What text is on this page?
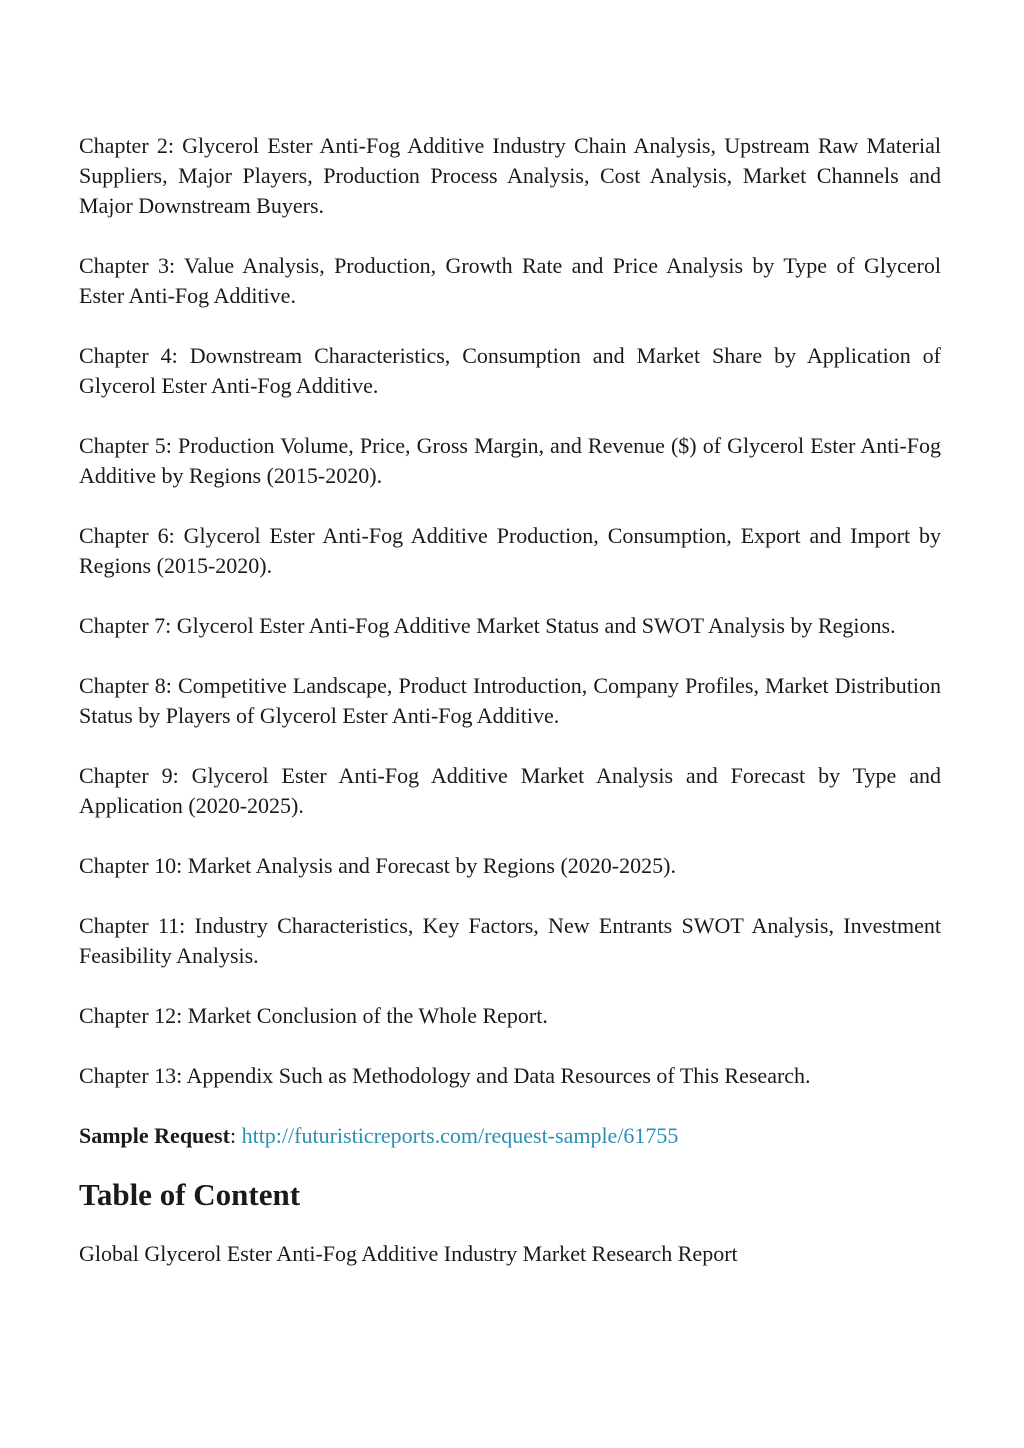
Chapter 2: Glycerol Ester Anti-Fog Additive Industry Chain Analysis, Upstream Raw Material Suppliers, Major Players, Production Process Analysis, Cost Analysis, Market Channels and Major Downstream Buyers.

Chapter 3: Value Analysis, Production, Growth Rate and Price Analysis by Type of Glycerol Ester Anti-Fog Additive.

Chapter 4: Downstream Characteristics, Consumption and Market Share by Application of Glycerol Ester Anti-Fog Additive.

Chapter 5: Production Volume, Price, Gross Margin, and Revenue ($) of Glycerol Ester Anti-Fog Additive by Regions (2015-2020).

Chapter 6: Glycerol Ester Anti-Fog Additive Production, Consumption, Export and Import by Regions (2015-2020).

Chapter 7: Glycerol Ester Anti-Fog Additive Market Status and SWOT Analysis by Regions.

Chapter 8: Competitive Landscape, Product Introduction, Company Profiles, Market Distribution Status by Players of Glycerol Ester Anti-Fog Additive.

Chapter 9: Glycerol Ester Anti-Fog Additive Market Analysis and Forecast by Type and Application (2020-2025).

Chapter 10: Market Analysis and Forecast by Regions (2020-2025).

Chapter 11: Industry Characteristics, Key Factors, New Entrants SWOT Analysis, Investment Feasibility Analysis.

Chapter 12: Market Conclusion of the Whole Report.

Chapter 13: Appendix Such as Methodology and Data Resources of This Research.

Sample Request: http://futuristicreports.com/request-sample/61755

Table of Content

Global Glycerol Ester Anti-Fog Additive Industry Market Research Report
